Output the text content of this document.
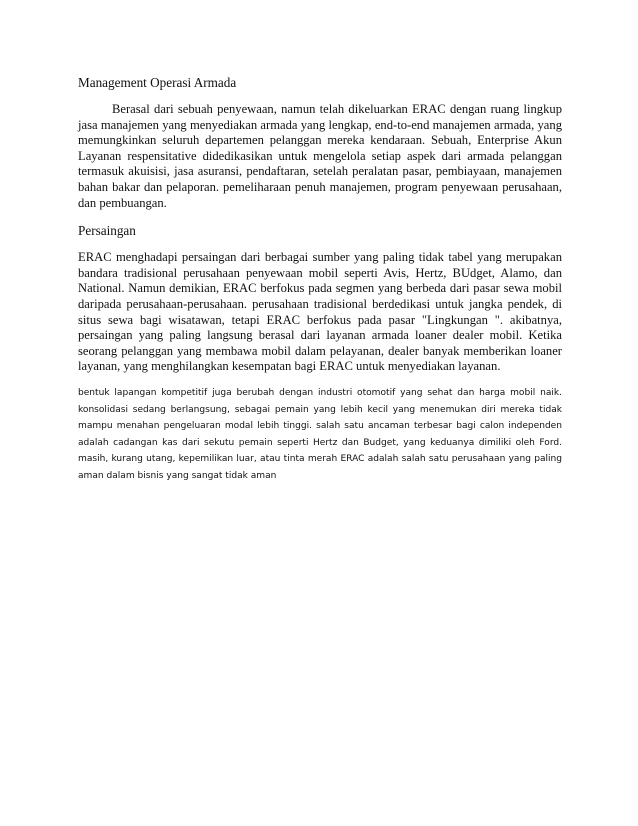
Management Operasi Armada

Berasal dari sebuah penyewaan, namun telah dikeluarkan ERAC dengan ruang lingkup jasa manajemen yang menyediakan armada yang lengkap, end-to-end manajemen armada, yang memungkinkan seluruh departemen pelanggan mereka kendaraan. Sebuah, Enterprise Akun Layanan respensitative didedikasikan untuk mengelola setiap aspek dari armada pelanggan termasuk akuisisi, jasa asuransi, pendaftaran, setelah peralatan pasar, pembiayaan, manajemen bahan bakar dan pelaporan. pemeliharaan penuh manajemen, program penyewaan perusahaan, dan pembuangan.

Persaingan

ERAC menghadapi persaingan dari berbagai sumber yang paling tidak tabel yang merupakan bandara tradisional perusahaan penyewaan mobil seperti Avis, Hertz, BUdget, Alamo, dan National. Namun demikian, ERAC berfokus pada segmen yang berbeda dari pasar sewa mobil daripada perusahaan-perusahaan. perusahaan tradisional berdedikasi untuk jangka pendek, di situs sewa bagi wisatawan, tetapi ERAC berfokus pada pasar "Lingkungan ". akibatnya, persaingan yang paling langsung berasal dari layanan armada loaner dealer mobil. Ketika seorang pelanggan yang membawa mobil dalam pelayanan, dealer banyak memberikan loaner layanan, yang menghilangkan kesempatan bagi ERAC untuk menyediakan layanan.

bentuk lapangan kompetitif juga berubah dengan industri otomotif yang sehat dan harga mobil naik. konsolidasi sedang berlangsung, sebagai pemain yang lebih kecil yang menemukan diri mereka tidak mampu menahan pengeluaran modal lebih tinggi. salah satu ancaman terbesar bagi calon independen adalah cadangan kas dari sekutu pemain seperti Hertz dan Budget, yang keduanya dimiliki oleh Ford. masih, kurang utang, kepemilikan luar, atau tinta merah ERAC adalah salah satu perusahaan yang paling aman dalam bisnis yang sangat tidak aman
